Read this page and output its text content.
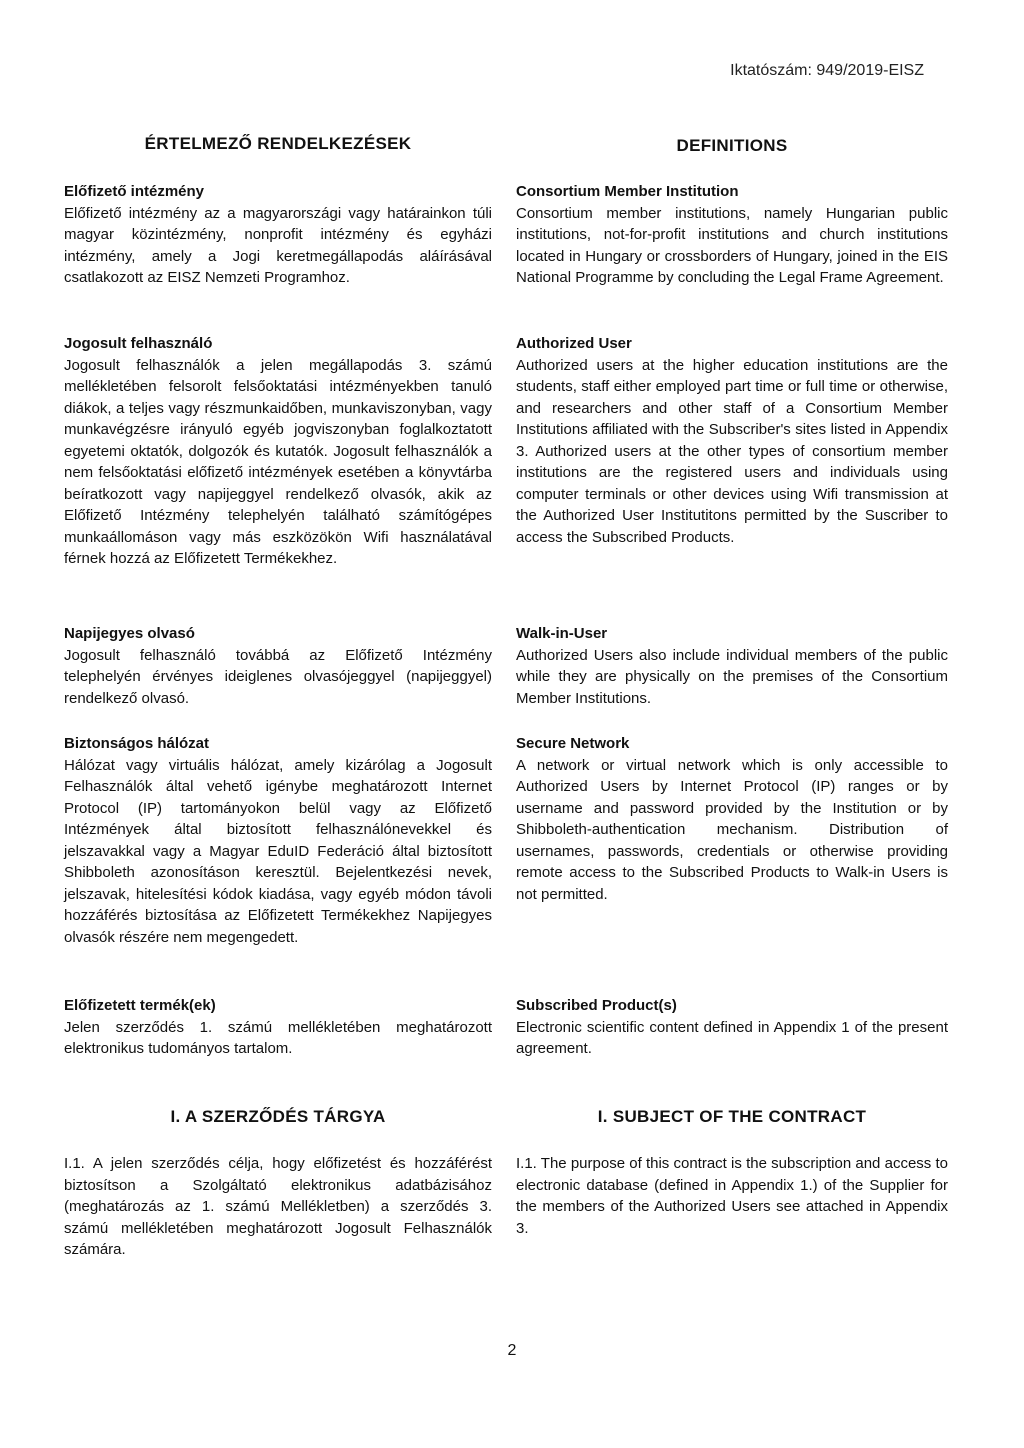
Iktatószám: 949/2019-EISZ
ÉRTELMEZŐ RENDELKEZÉSEK	DEFINITIONS
Előfizető intézmény

Előfizető intézmény az a magyarországi vagy határainkon túli magyar közintézmény, nonprofit intézmény és egyházi intézmény, amely a Jogi keretmegállapodás aláírásával csatlakozott az EISZ Nemzeti Programhoz.

Jogosult felhasználó

Jogosult felhasználók a jelen megállapodás 3. számú mellékletében felsorolt felsőoktatási intézményekben tanuló diákok, a teljes vagy részmunkaidőben, munkaviszonyban, vagy munkavégzésre irányuló egyéb jogviszonyban foglalkoztatott egyetemi oktatók, dolgozók és kutatók. Jogosult felhasználók a nem felsőoktatási előfizető intézmények esetében a könyvtárba beíratkozott vagy napijeggyel rendelkező olvasók, akik az Előfizető Intézmény telephelyén található számítógépes munkaállomáson vagy más eszközökön Wifi használatával férnek hozzá az Előfizetett Termékekhez.

Napijegyes olvasó

Jogosult felhasználó továbbá az Előfizető Intézmény telephelyén érvényes ideiglenes olvasójeggyel (napijeggyel) rendelkező olvasó.

Biztonságos hálózat

Hálózat vagy virtuális hálózat, amely kizárólag a Jogosult Felhasználók által vehető igénybe meghatározott Internet Protocol (IP) tartományokon belül vagy az Előfizető Intézmények által biztosított felhasználónevekkel és jelszavakkal vagy a Magyar EduID Federáció által biztosított Shibboleth azonosításon keresztül. Bejelentkezési nevek, jelszavak, hitelesítési kódok kiadása, vagy egyéb módon távoli hozzáférés biztosítása az Előfizetett Termékekhez Napijegyes olvasók részére nem megengedett.

Előfizetett termék(ek)

Jelen szerződés 1. számú mellékletében meghatározott elektronikus tudományos tartalom.

Consortium Member Institution

Consortium member institutions, namely Hungarian public institutions, not-for-profit institutions and church institutions located in Hungary or crossborders of Hungary, joined in the EIS National Programme by concluding the Legal Frame Agreement.

Authorized User

Authorized users at the higher education institutions are the students, staff either employed part time or full time or otherwise, and researchers and other staff of a Consortium Member Institutions affiliated with the Subscriber's sites listed in Appendix 3. Authorized users at the other types of consortium member institutions are the registered users and individuals using computer terminals or other devices using Wifi transmission at the Authorized User Institutitons permitted by the Suscriber to access the Subscribed Products.

Walk-in-User

Authorized Users also include individual members of the public while they are physically on the premises of the Consortium Member Institutions.

Secure Network

A network or virtual network which is only accessible to Authorized Users by Internet Protocol (IP) ranges or by username and password provided by the Institution or by Shibboleth-authentication mechanism. Distribution of usernames, passwords, credentials or otherwise providing remote access to the Subscribed Products to Walk-in Users is not permitted.

Subscribed Product(s)

Electronic scientific content defined in Appendix 1 of the present agreement.

I. A SZERZŐDÉS TÁRGYA	I. SUBJECT OF THE CONTRACT

I.1. A jelen szerződés célja, hogy előfizetést és hozzáférést biztosítson a Szolgáltató elektronikus adatbázisához (meghatározás az 1. számú Mellékletben) a szerződés 3. számú mellékletében meghatározott Jogosult Felhasználók számára.

I.1. The purpose of this contract is the subscription and access to electronic database (defined in Appendix 1.) of the Supplier for the members of the Authorized Users see attached in Appendix 3.

2
